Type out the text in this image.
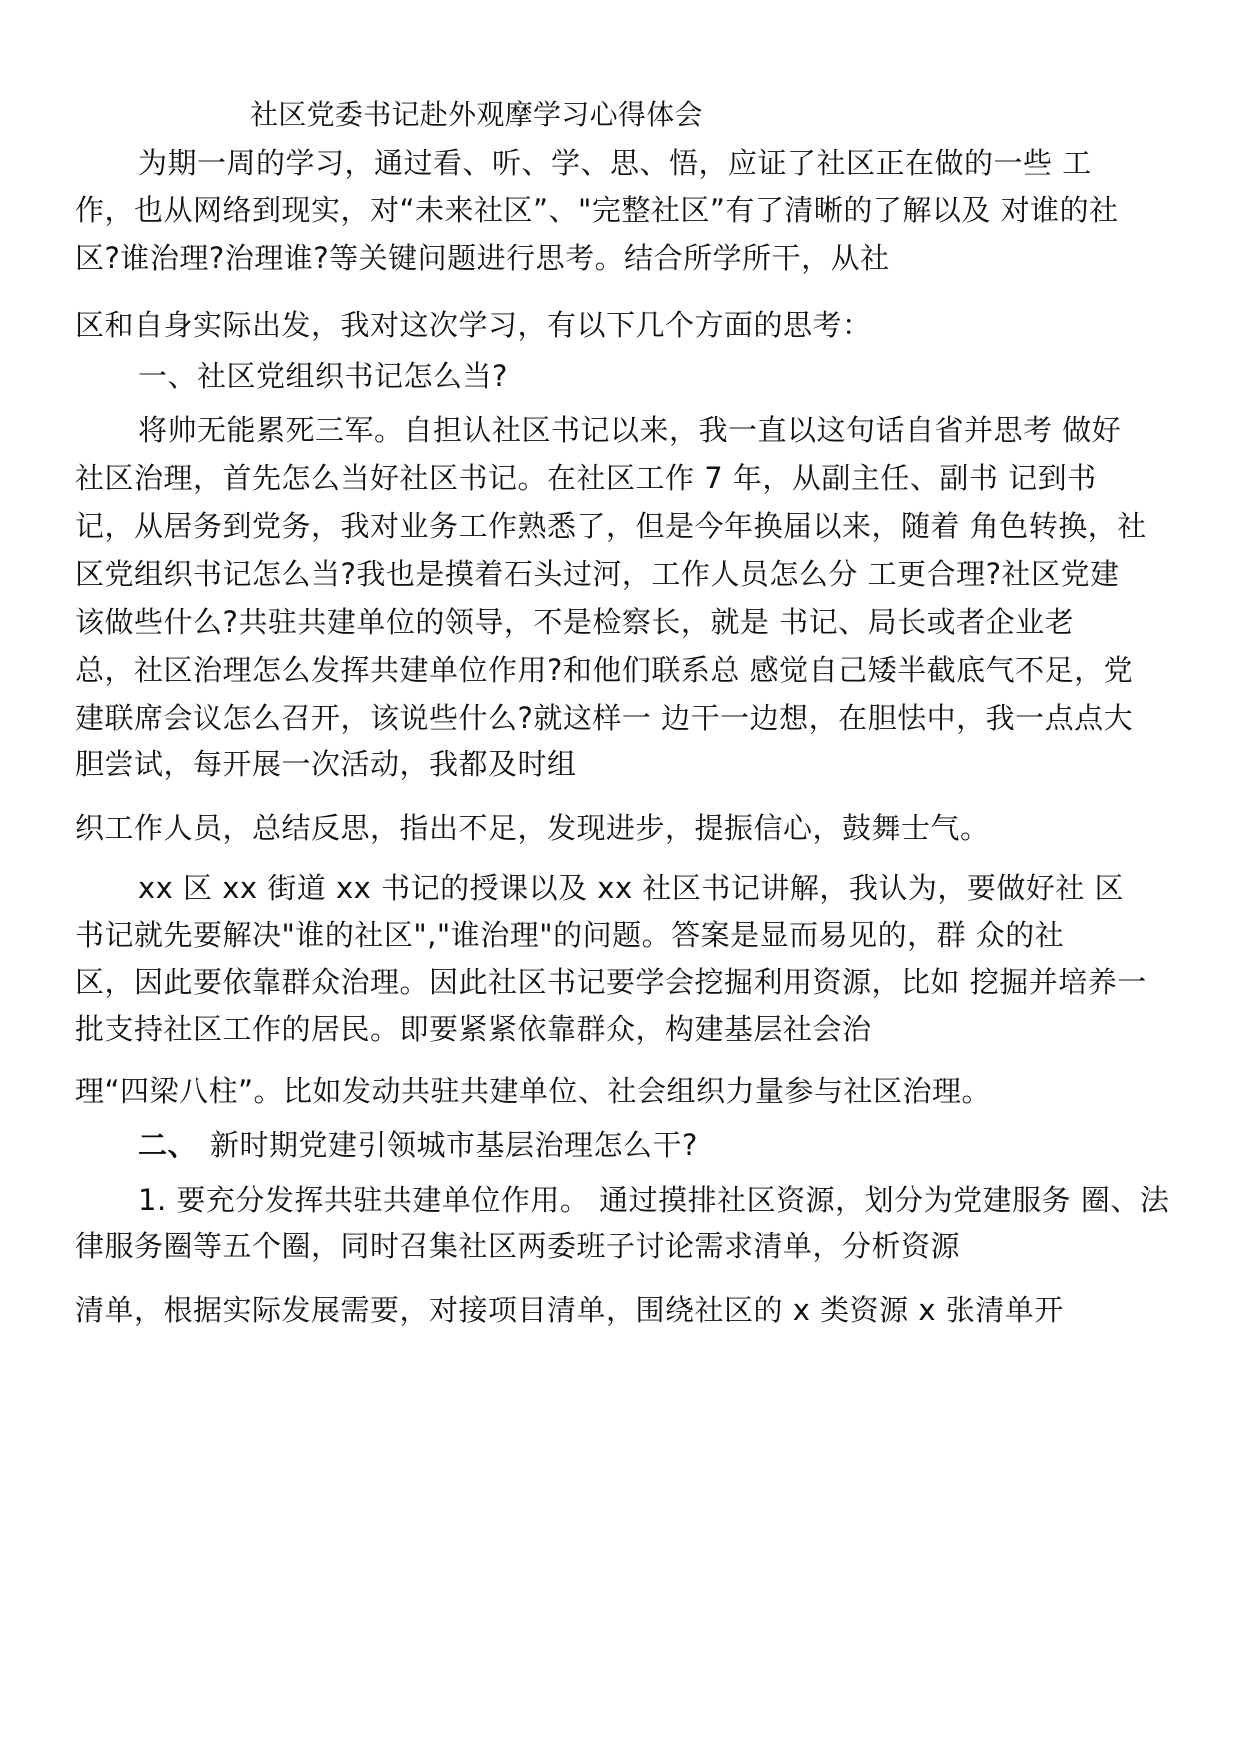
社区党委书记赴外观摩学习心得体会

为期一周的学习，通过看、听、学、思、悟，应证了社区正在做的一些 工

作，也从网络到现实，对“未来社区”、"完整社区”有了清晰的了解以及 对谁的社

区?谁治理?治理谁?等关键问题进行思考。结合所学所干，从社

区和自身实际出发，我对这次学习，有以下几个方面的思考：

一、社区党组织书记怎么当?

将帅无能累死三军。自担认社区书记以来，我一直以这句话自省并思考 做好

社区治理，首先怎么当好社区书记。在社区工作 7 年，从副主任、副书 记到书

记，从居务到党务，我对业务工作熟悉了，但是今年换届以来，随着 角色转换，社

区党组织书记怎么当?我也是摸着石头过河，工作人员怎么分 工更合理?社区党建

该做些什么?共驻共建单位的领导，不是检察长，就是 书记、局长或者企业老

总，社区治理怎么发挥共建单位作用?和他们联系总 感觉自己矮半截底气不足，党

建联席会议怎么召开，该说些什么?就这样一 边干一边想，在胆怯中，我一点点大

胆尝试，每开展一次活动，我都及时组

织工作人员，总结反思，指出不足，发现进步，提振信心，鼓舞士气。

xx 区 xx 街道 xx 书记的授课以及 xx 社区书记讲解，我认为，要做好社 区

书记就先要解决"谁的社区","谁治理"的问题。答案是显而易见的，群 众的社

区，因此要依靠群众治理。因此社区书记要学会挖掘利用资源，比如 挖掘并培养一

批支持社区工作的居民。即要紧紧依靠群众，构建基层社会治

理“四梁八柱”。比如发动共驻共建单位、社会组织力量参与社区治理。

二、 新时期党建引领城市基层治理怎么干?

1. 要充分发挥共驻共建单位作用。 通过摸排社区资源，划分为党建服务 圈、法

律服务圈等五个圈，同时召集社区两委班子讨论需求清单，分析资源

清单，根据实际发展需要，对接项目清单，围绕社区的 x 类资源 x 张清单开
